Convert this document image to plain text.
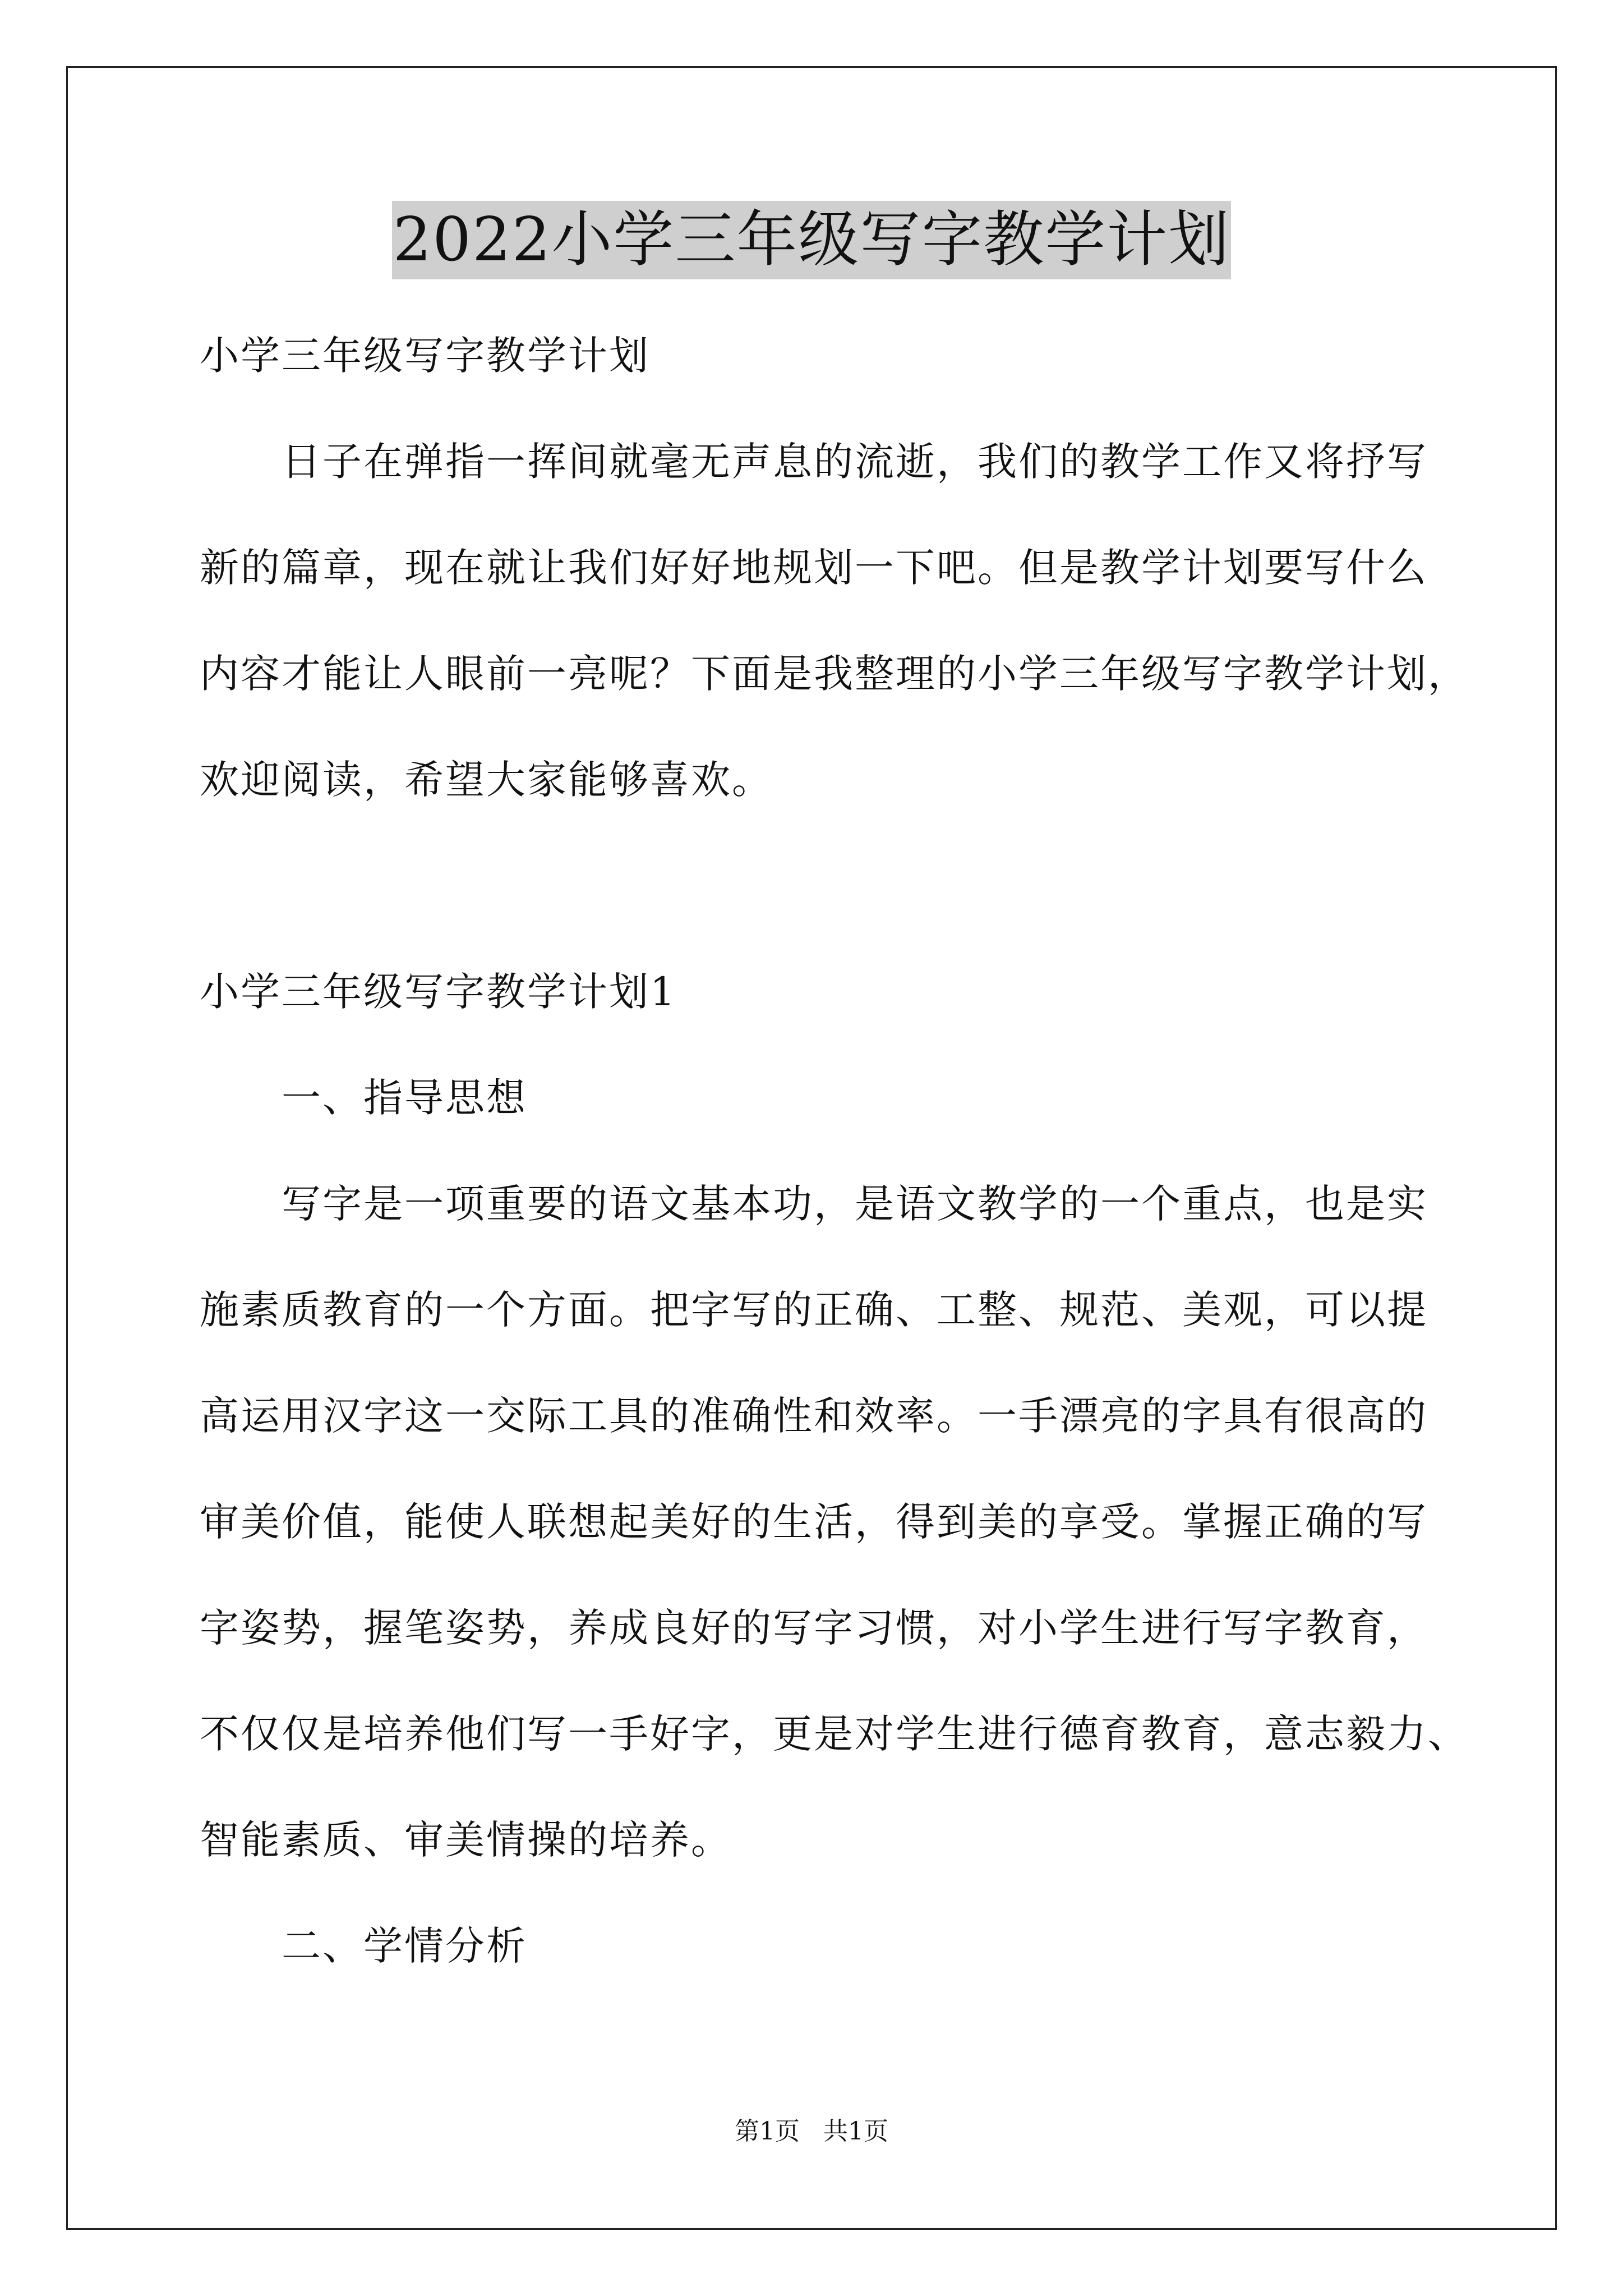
2022小学三年级写字教学计划
小学三年级写字教学计划
日子在弹指一挥间就毫无声息的流逝，我们的教学工作又将抒写
新的篇章，现在就让我们好好地规划一下吧。但是教学计划要写什么
内容才能让人眼前一亮呢？下面是我整理的小学三年级写字教学计划，
欢迎阅读，希望大家能够喜欢。
小学三年级写字教学计划1
一、指导思想
写字是一项重要的语文基本功，是语文教学的一个重点，也是实
施素质教育的一个方面。把字写的正确、工整、规范、美观，可以提
高运用汉字这一交际工具的准确性和效率。一手漂亮的字具有很高的
审美价值，能使人联想起美好的生活，得到美的享受。掌握正确的写
字姿势，握笔姿势，养成良好的写字习惯，对小学生进行写字教育，
不仅仅是培养他们写一手好字，更是对学生进行德育教育，意志毅力、
智能素质、审美情操的培养。
二、学情分析
第1页 共1页
